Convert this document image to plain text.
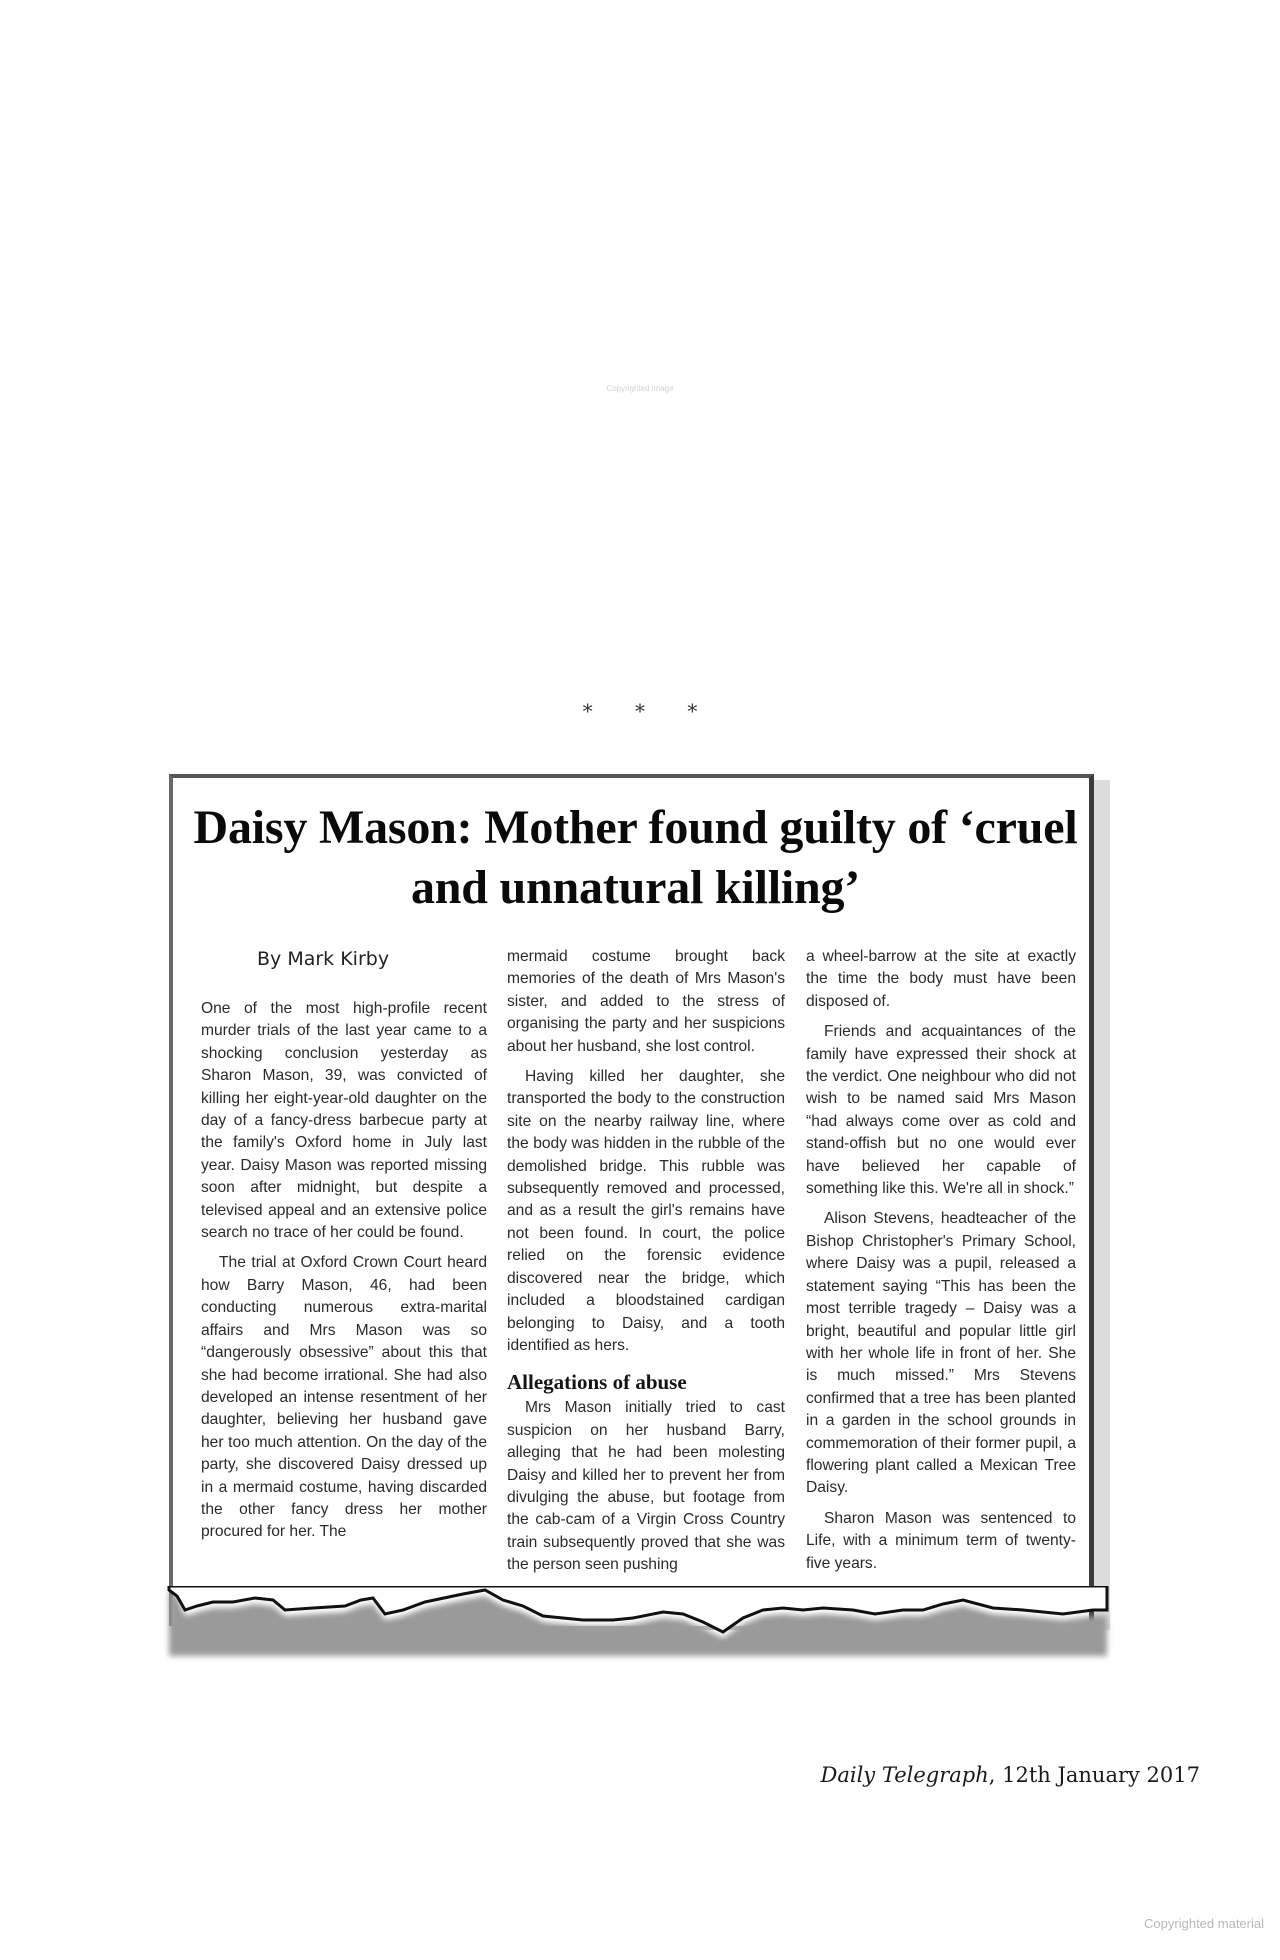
Copyrighted image
* * *
Daisy Mason: Mother found guilty of ‘cruel and unnatural killing’
By Mark Kirby

One of the most high-profile recent murder trials of the last year came to a shocking conclusion yesterday as Sharon Mason, 39, was convicted of killing her eight-year-old daughter on the day of a fancy-dress barbecue party at the family's Oxford home in July last year. Daisy Mason was reported missing soon after midnight, but despite a televised appeal and an extensive police search no trace of her could be found.

The trial at Oxford Crown Court heard how Barry Mason, 46, had been conducting numerous extra-marital affairs and Mrs Mason was so “dangerously obsessive” about this that she had become irrational. She had also developed an intense resentment of her daughter, believing her husband gave her too much attention. On the day of the party, she discovered Daisy dressed up in a mermaid costume, having discarded the other fancy dress her mother procured for her. The

mermaid costume brought back memories of the death of Mrs Mason's sister, and added to the stress of organising the party and her suspicions about her husband, she lost control.

Having killed her daughter, she transported the body to the construction site on the nearby railway line, where the body was hidden in the rubble of the demolished bridge. This rubble was subsequently removed and processed, and as a result the girl's remains have not been found. In court, the police relied on the forensic evidence discovered near the bridge, which included a bloodstained cardigan belonging to Daisy, and a tooth identified as hers.

Allegations of abuse

Mrs Mason initially tried to cast suspicion on her husband Barry, alleging that he had been molesting Daisy and killed her to prevent her from divulging the abuse, but footage from the cab-cam of a Virgin Cross Country train subsequently proved that she was the person seen pushing

a wheel-barrow at the site at exactly the time the body must have been disposed of.

Friends and acquaintances of the family have expressed their shock at the verdict. One neighbour who did not wish to be named said Mrs Mason “had always come over as cold and stand-offish but no one would ever have believed her capable of something like this. We're all in shock.”

Alison Stevens, headteacher of the Bishop Christopher's Primary School, where Daisy was a pupil, released a statement saying “This has been the most terrible tragedy – Daisy was a bright, beautiful and popular little girl with her whole life in front of her. She is much missed.” Mrs Stevens confirmed that a tree has been planted in a garden in the school grounds in commemoration of their former pupil, a flowering plant called a Mexican Tree Daisy.

Sharon Mason was sentenced to Life, with a minimum term of twenty-five years.

Daily Telegraph, 12th January 2017
Copyrighted material
